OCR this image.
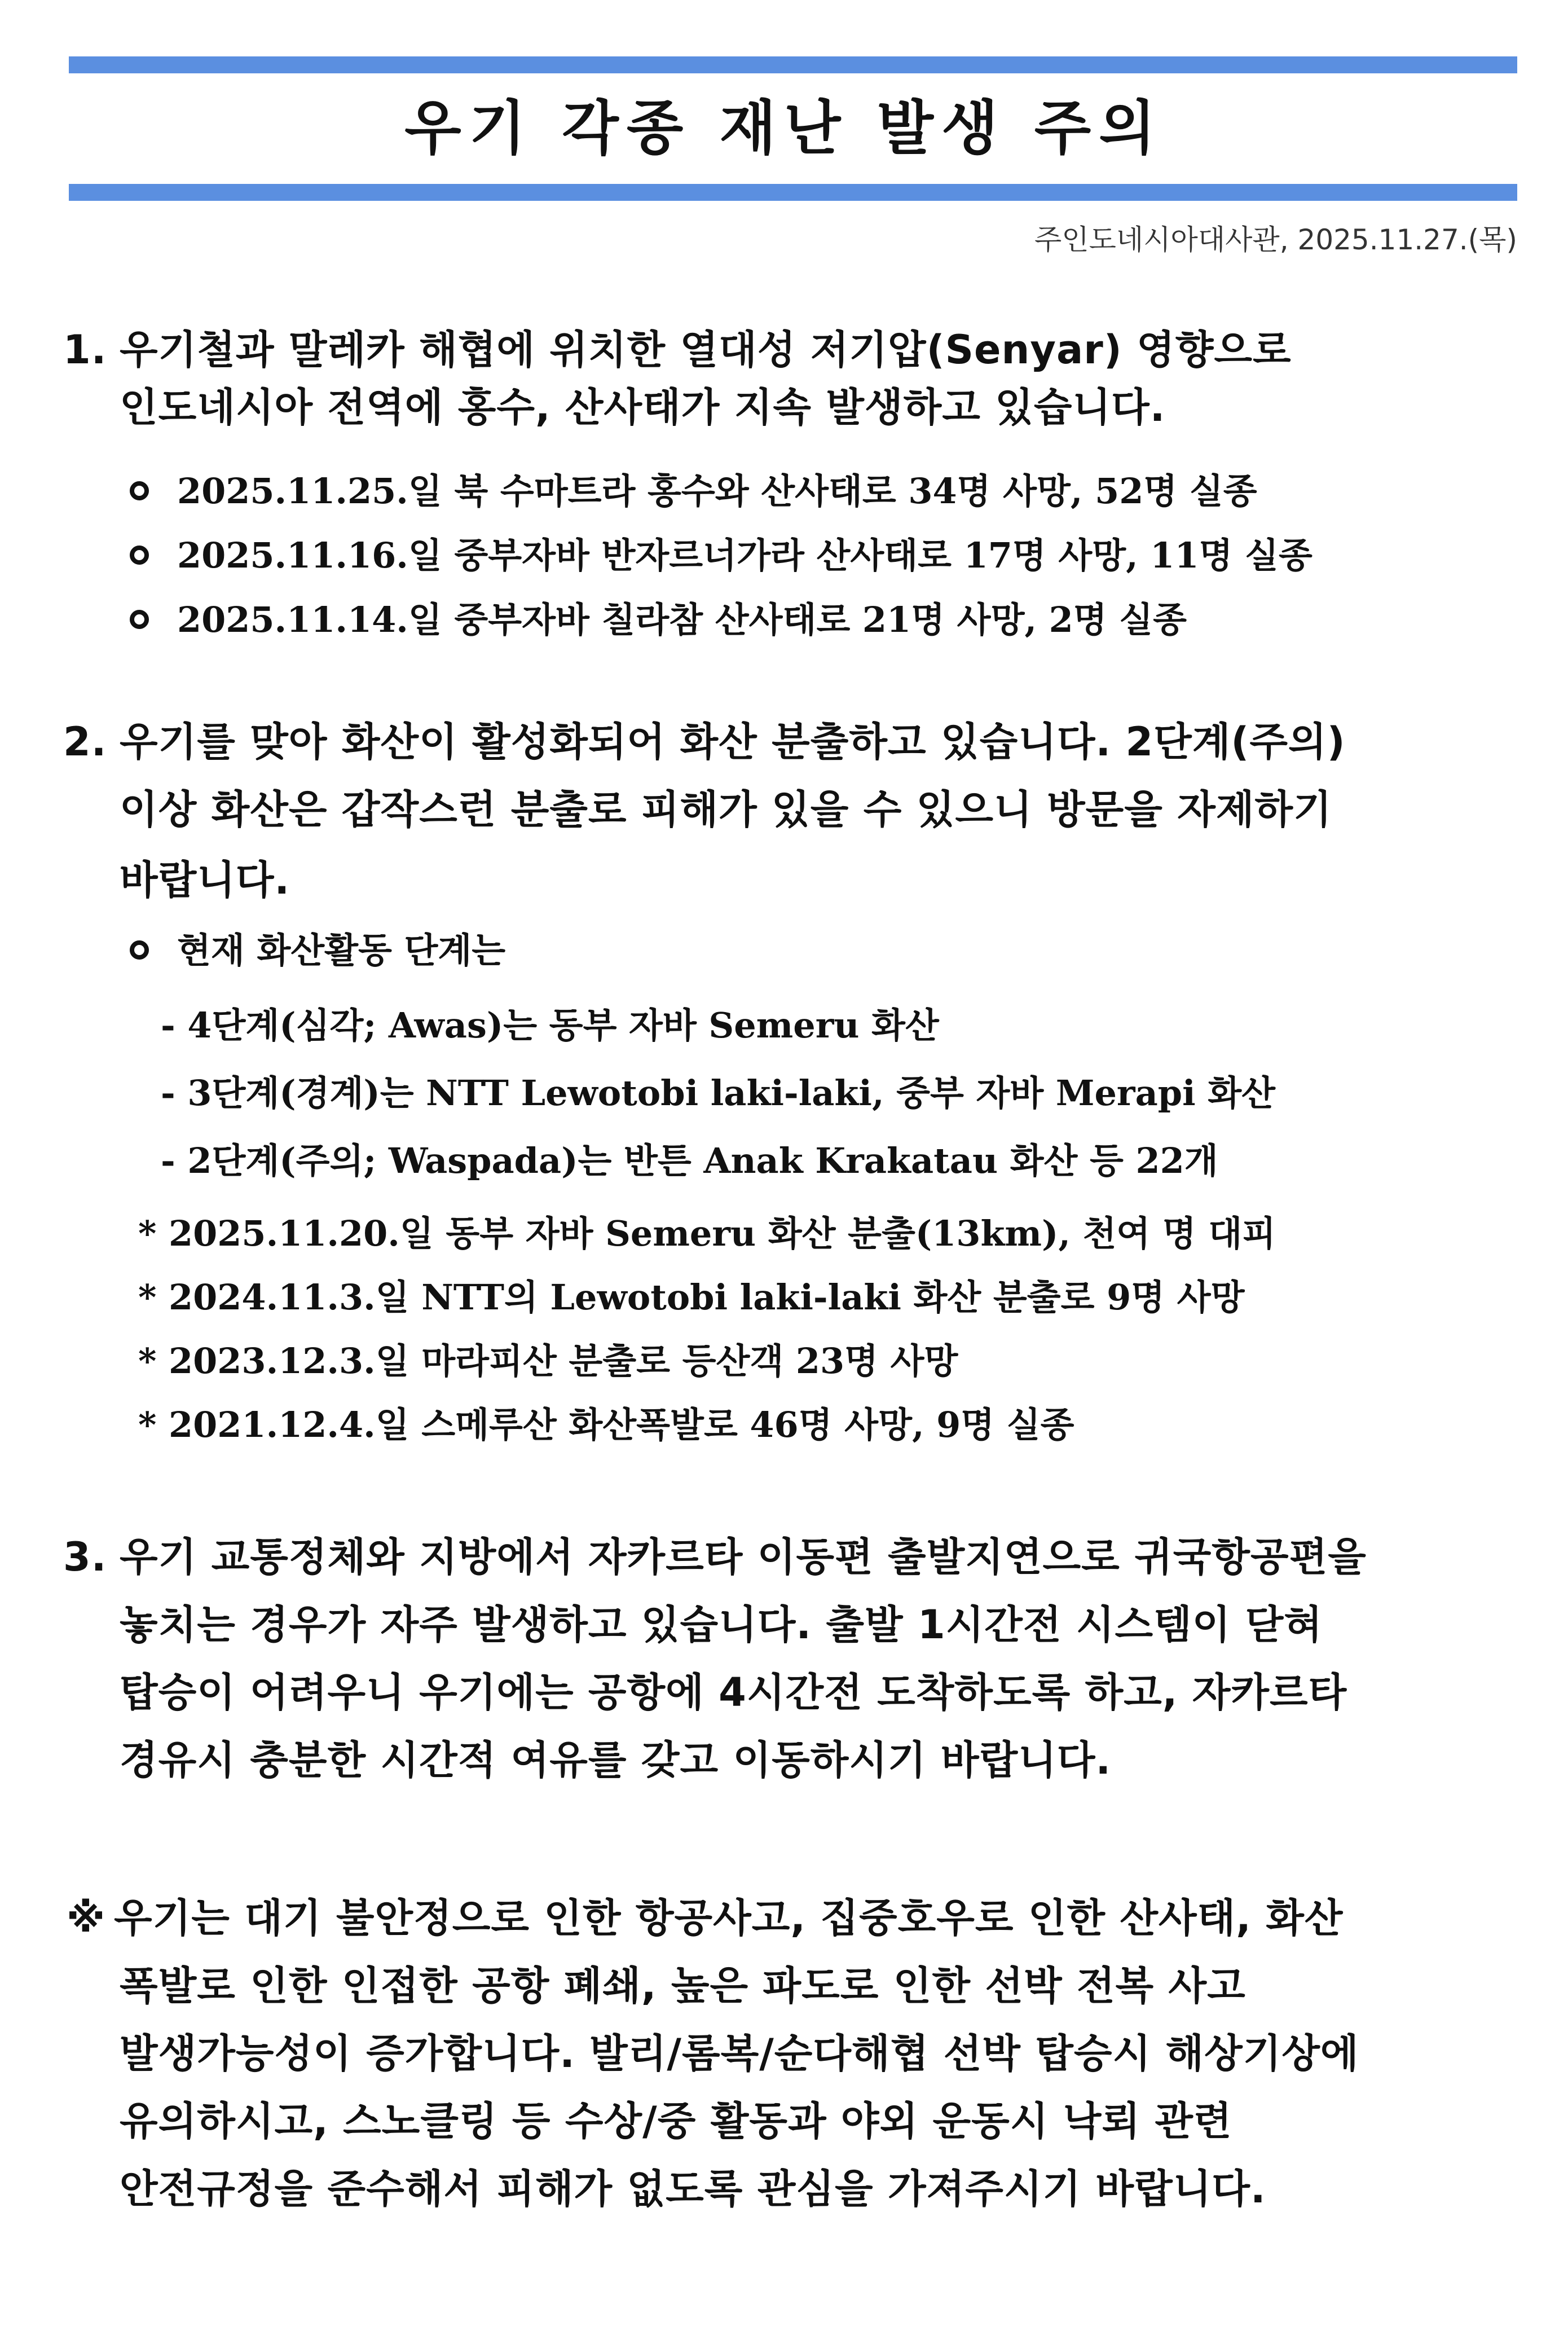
우기 각종 재난 발생 주의
주인도네시아대사관, 2025.11.27.(목)
1. 우기철과 말레카 해협에 위치한 열대성 저기압(Senyar) 영향으로
인도네시아 전역에 홍수, 산사태가 지속 발생하고 있습니다.
2025.11.25.일 북 수마트라 홍수와 산사태로 34명 사망, 52명 실종
2025.11.16.일 중부자바 반자르너가라 산사태로 17명 사망, 11명 실종
2025.11.14.일 중부자바 칠라참 산사태로 21명 사망, 2명 실종
2. 우기를 맞아 화산이 활성화되어 화산 분출하고 있습니다. 2단계(주의)
이상 화산은 갑작스런 분출로 피해가 있을 수 있으니 방문을 자제하기
바랍니다.
현재 화산활동 단계는
- 4단계(심각; Awas)는 동부 자바 Semeru 화산
- 3단계(경계)는 NTT Lewotobi laki-laki, 중부 자바 Merapi 화산
- 2단계(주의; Waspada)는 반튼 Anak Krakatau 화산 등 22개
* 2025.11.20.일 동부 자바 Semeru 화산 분출(13km), 천여 명 대피
* 2024.11.3.일 NTT의 Lewotobi laki-laki 화산 분출로 9명 사망
* 2023.12.3.일 마라피산 분출로 등산객 23명 사망
* 2021.12.4.일 스메루산 화산폭발로 46명 사망, 9명 실종
3. 우기 교통정체와 지방에서 자카르타 이동편 출발지연으로 귀국항공편을
놓치는 경우가 자주 발생하고 있습니다. 출발 1시간전 시스템이 닫혀
탑승이 어려우니 우기에는 공항에 4시간전 도착하도록 하고, 자카르타
경유시 충분한 시간적 여유를 갖고 이동하시기 바랍니다.
※ 우기는 대기 불안정으로 인한 항공사고, 집중호우로 인한 산사태, 화산
폭발로 인한 인접한 공항 폐쇄, 높은 파도로 인한 선박 전복 사고
발생가능성이 증가합니다. 발리/롬복/순다해협 선박 탑승시 해상기상에
유의하시고, 스노클링 등 수상/중 활동과 야외 운동시 낙뢰 관련
안전규정을 준수해서 피해가 없도록 관심을 가져주시기 바랍니다.
